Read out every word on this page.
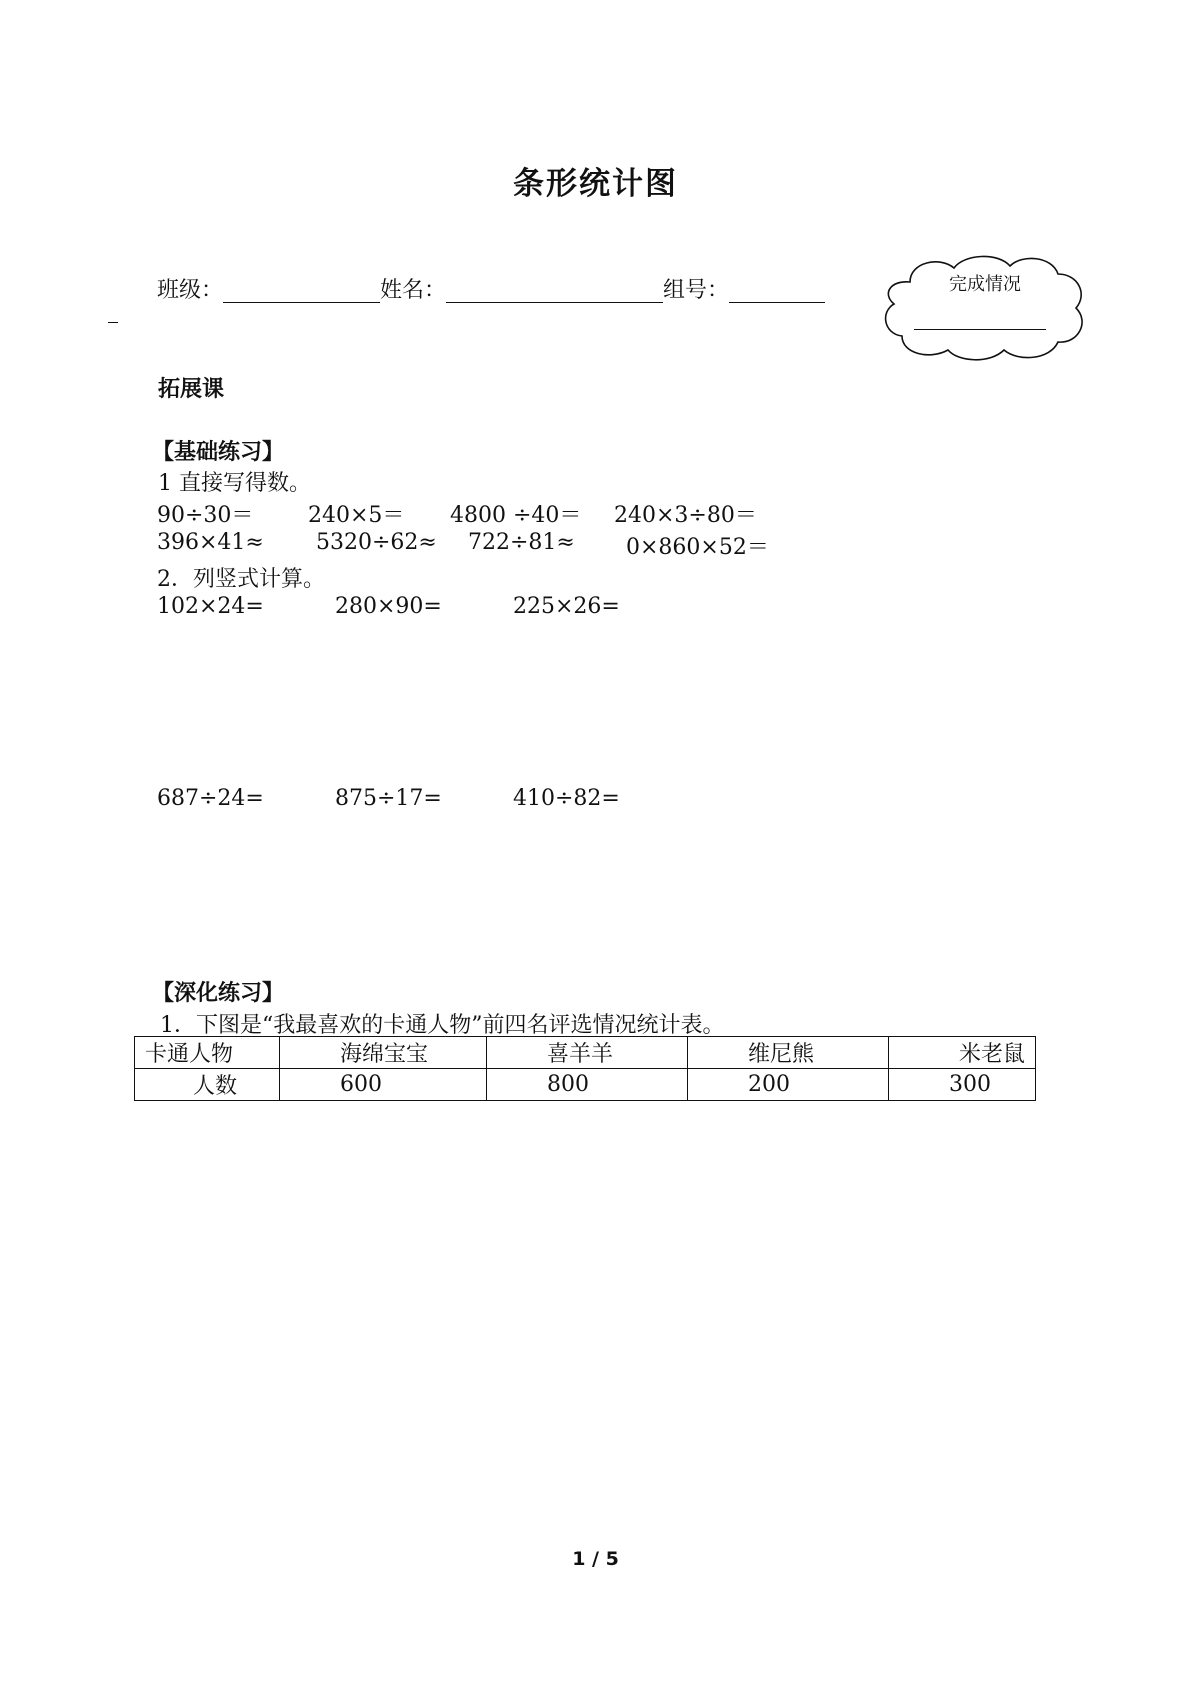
条形统计图
班级：	姓名：	组号：	完成情况
拓展课
【基础练习】
1 直接写得数。
90÷30＝ 240×5＝ 4800 ÷40＝ 240×3÷80＝
396×41≈ 5320÷62≈ 722÷81≈ 0×860×52＝
2．列竖式计算。
102×24=	280×90=	225×26=
687÷24=	875÷17=	410÷82=
【深化练习】
1．下图是“我最喜欢的卡通人物”前四名评选情况统计表。
卡通人物	海绵宝宝	喜羊羊	维尼熊	米老鼠
人数	600	800	200	300
1 / 5
